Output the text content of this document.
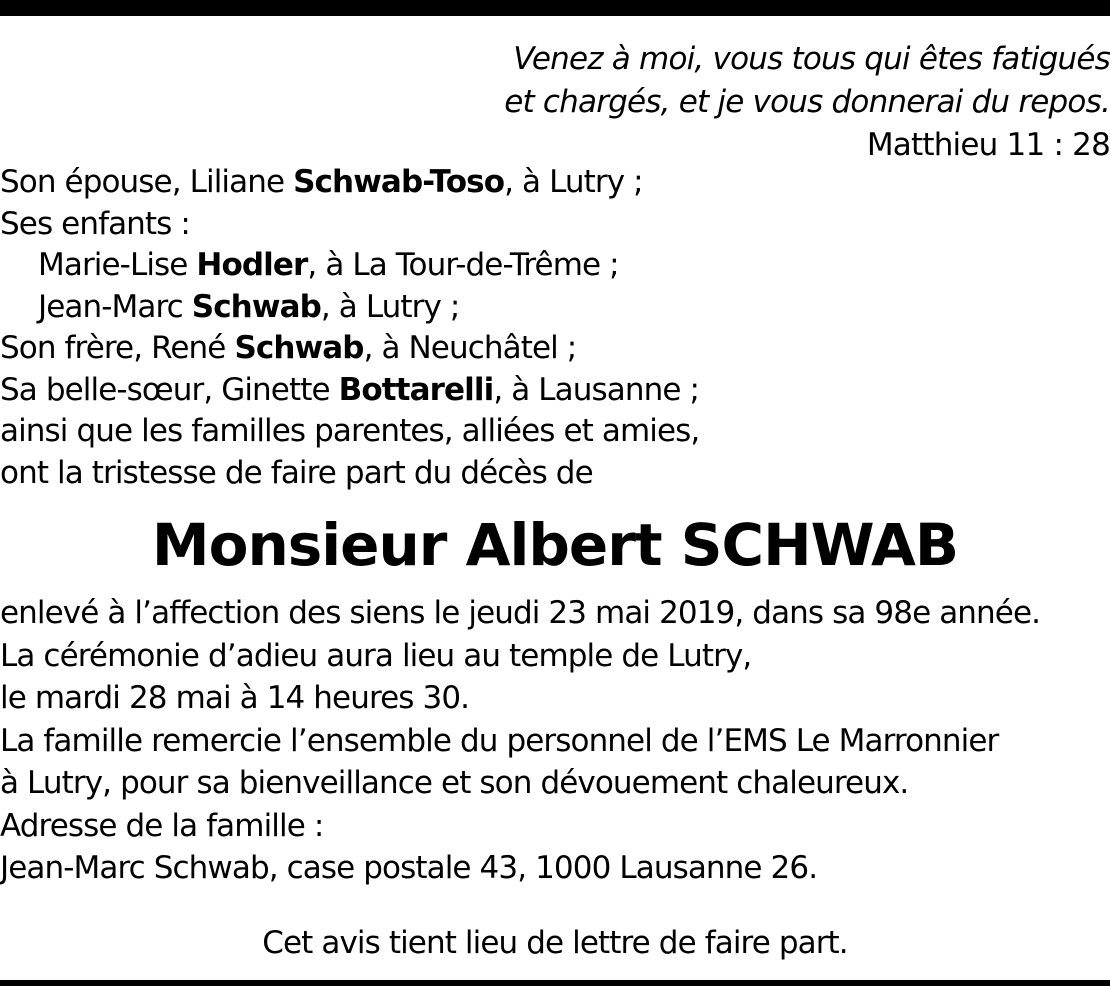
Venez à moi, vous tous qui êtes fatigués
et chargés, et je vous donnerai du repos.
Matthieu 11 : 28
Son épouse, Liliane Schwab-Toso, à Lutry ;
Ses enfants :
Marie-Lise Hodler, à La Tour-de-Trême ;
Jean-Marc Schwab, à Lutry ;
Son frère, René Schwab, à Neuchâtel ;
Sa belle-sœur, Ginette Bottarelli, à Lausanne ;
ainsi que les familles parentes, alliées et amies,
ont la tristesse de faire part du décès de
Monsieur Albert SCHWAB
enlevé à l’affection des siens le jeudi 23 mai 2019, dans sa 98e année.
La cérémonie d’adieu aura lieu au temple de Lutry,
le mardi 28 mai à 14 heures 30.
La famille remercie l’ensemble du personnel de l’EMS Le Marronnier
à Lutry, pour sa bienveillance et son dévouement chaleureux.
Adresse de la famille :
Jean-Marc Schwab, case postale 43, 1000 Lausanne 26.
Cet avis tient lieu de lettre de faire part.
